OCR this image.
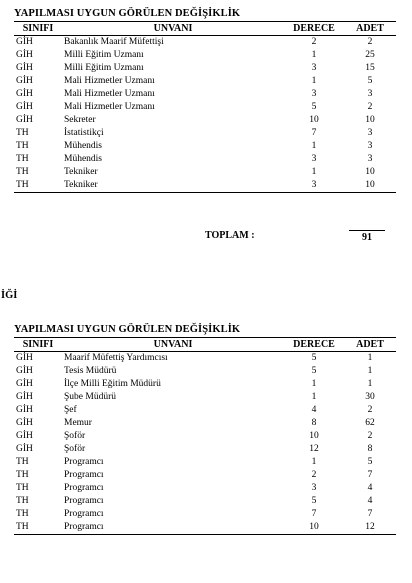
YAPILMASI UYGUN GÖRÜLEN DEĞİŞİKLİK
SINIFI	UNVANI	DERECE	ADET
GİH	Bakanlık Maarif Müfettişi	2	2
GİH	Milli Eğitim Uzmanı	1	25
GİH	Milli Eğitim Uzmanı	3	15
GİH	Mali Hizmetler Uzmanı	1	5
GİH	Mali Hizmetler Uzmanı	3	3
GİH	Mali Hizmetler Uzmanı	5	2
GİH	Sekreter	10	10
TH	İstatistikçi	7	3
TH	Mühendis	1	3
TH	Mühendis	3	3
TH	Tekniker	1	10
TH	Tekniker	3	10
TOPLAM :	91
İĞİ
YAPILMASI UYGUN GÖRÜLEN DEĞİŞİKLİK
SINIFI	UNVANI	DERECE	ADET
GİH	Maarif Müfettiş Yardımcısı	5	1
GİH	Tesis Müdürü	5	1
GİH	İlçe Milli Eğitim Müdürü	1	1
GİH	Şube Müdürü	1	30
GİH	Şef	4	2
GİH	Memur	8	62
GİH	Şoför	10	2
GİH	Şoför	12	8
TH	Programcı	1	5
TH	Programcı	2	7
TH	Programcı	3	4
TH	Programcı	5	4
TH	Programcı	7	7
TH	Programcı	10	12
